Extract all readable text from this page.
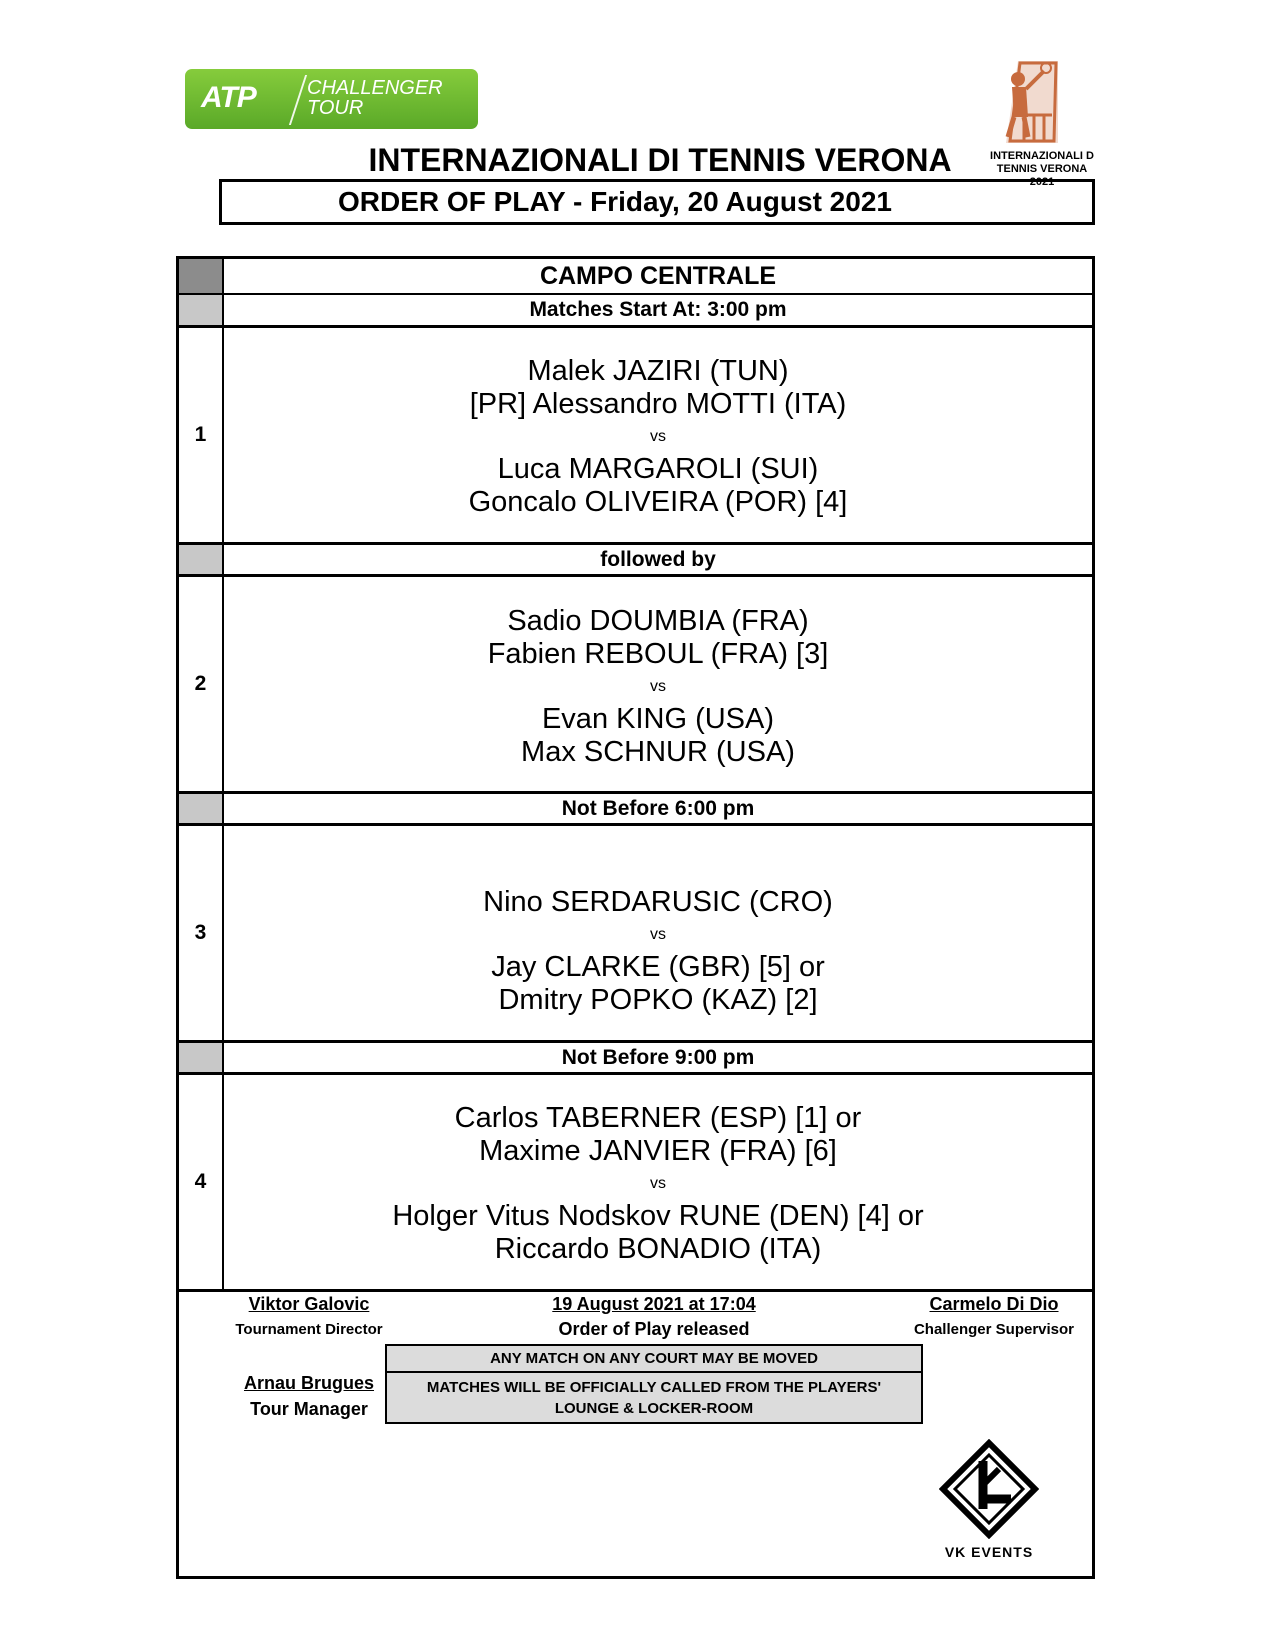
ATP	CHALLENGER
TOUR
INTERNAZIONALI D
TENNIS VERONA
2021
INTERNAZIONALI DI TENNIS VERONA
ORDER OF PLAY - Friday, 20 August 2021
CAMPO CENTRALE
Matches Start At: 3:00 pm
1
Malek JAZIRI (TUN)
[PR] Alessandro MOTTI (ITA)
vs
Luca MARGAROLI (SUI)
Goncalo OLIVEIRA (POR) [4]
followed by
2
Sadio DOUMBIA (FRA)
Fabien REBOUL (FRA) [3]
vs
Evan KING (USA)
Max SCHNUR (USA)
Not Before 6:00 pm
3
Nino SERDARUSIC (CRO)
vs
Jay CLARKE (GBR) [5] or
Dmitry POPKO (KAZ) [2]
Not Before 9:00 pm
4
Carlos TABERNER (ESP) [1] or
Maxime JANVIER (FRA) [6]
vs
Holger Vitus Nodskov RUNE (DEN) [4] or
Riccardo BONADIO (ITA)
Viktor Galovic
Tournament Director
19 August 2021 at 17:04
Order of Play released
Carmelo Di Dio
Challenger Supervisor
ANY MATCH ON ANY COURT MAY BE MOVED
MATCHES WILL BE OFFICIALLY CALLED FROM THE PLAYERS'
LOUNGE & LOCKER-ROOM
Arnau Brugues
Tour Manager
VK EVENTS
